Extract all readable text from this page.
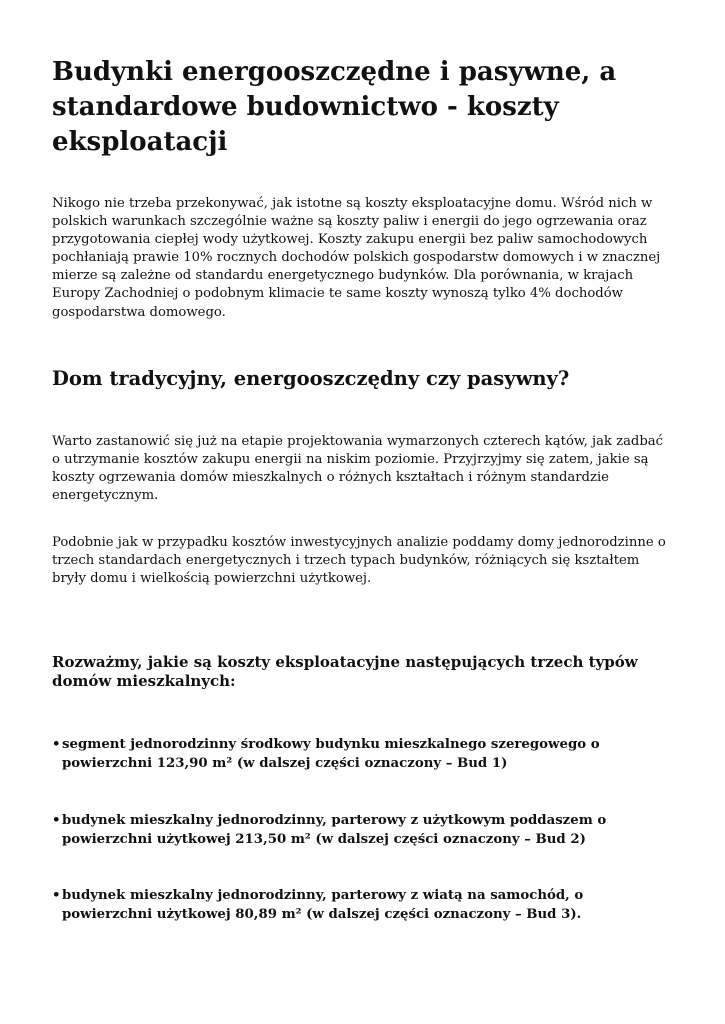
Budynki energooszczędne i pasywne, a standardowe budownictwo - koszty eksploatacji

Nikogo nie trzeba przekonywać, jak istotne są koszty eksploatacyjne domu. Wśród nich w polskich warunkach szczególnie ważne są koszty paliw i energii do jego ogrzewania oraz przygotowania ciepłej wody użytkowej. Koszty zakupu energii bez paliw samochodowych pochłaniają prawie 10% rocznych dochodów polskich gospodarstw domowych i w znacznej mierze są zależne od standardu energetycznego budynków. Dla porównania, w krajach Europy Zachodniej o podobnym klimacie te same koszty wynoszą tylko 4% dochodów gospodarstwa domowego.

Dom tradycyjny, energooszczędny czy pasywny?

Warto zastanowić się już na etapie projektowania wymarzonych czterech kątów, jak zadbać o utrzymanie kosztów zakupu energii na niskim poziomie. Przyjrzyjmy się zatem, jakie są koszty ogrzewania domów mieszkalnych o różnych kształtach i różnym standardzie energetycznym.

Podobnie jak w przypadku kosztów inwestycyjnych analizie poddamy domy jednorodzinne o trzech standardach energetycznych i trzech typach budynków, różniących się kształtem bryły domu i wielkością powierzchni użytkowej.

Rozważmy, jakie są koszty eksploatacyjne następujących trzech typów domów mieszkalnych:
• segment jednorodzinny środkowy budynku mieszkalnego szeregowego o powierzchni 123,90 m² (w dalszej części oznaczony – Bud 1)
• budynek mieszkalny jednorodzinny, parterowy z użytkowym poddaszem o powierzchni użytkowej 213,50 m² (w dalszej części oznaczony – Bud 2)
• budynek mieszkalny jednorodzinny, parterowy z wiatą na samochód, o powierzchni użytkowej 80,89 m² (w dalszej części oznaczony – Bud 3).
